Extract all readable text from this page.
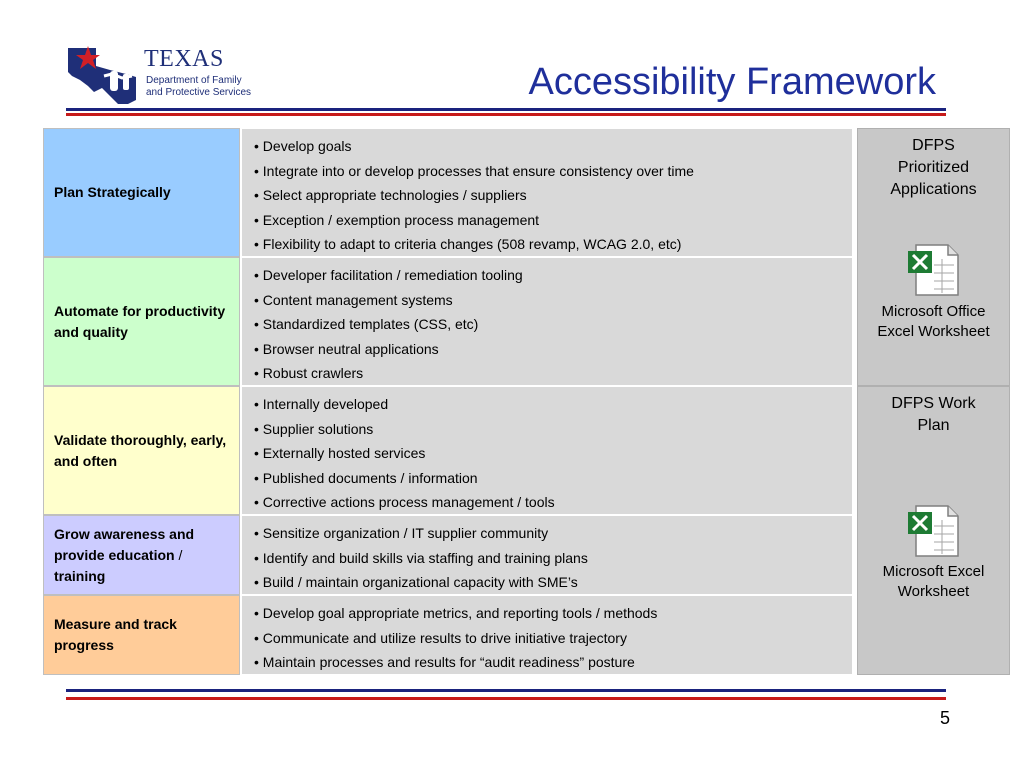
TEXAS
Department of Family
and Protective Services	Accessibility Framework
Plan Strategically
• Develop goals
• Integrate into or develop processes that ensure consistency over time
• Select appropriate technologies / suppliers
• Exception / exemption process management
• Flexibility to adapt to criteria changes (508 revamp, WCAG 2.0, etc)
Automate for productivity and quality
• Developer facilitation / remediation tooling
• Content management systems
• Standardized templates (CSS, etc)
• Browser neutral applications
• Robust crawlers
Validate thoroughly, early, and often
• Internally developed
• Supplier solutions
• Externally hosted services
• Published documents / information
• Corrective actions process management / tools
Grow awareness and provide education / training
• Sensitize organization / IT supplier community
• Identify and build skills via staffing and training plans
• Build / maintain organizational capacity with SME’s
Measure and track progress
• Develop goal appropriate metrics, and reporting tools / methods
• Communicate and utilize results to drive initiative trajectory
• Maintain processes and results for “audit readiness” posture
DFPS Prioritized Applications
Microsoft Office
Excel Worksheet
DFPS Work Plan
Microsoft Excel
Worksheet
5
